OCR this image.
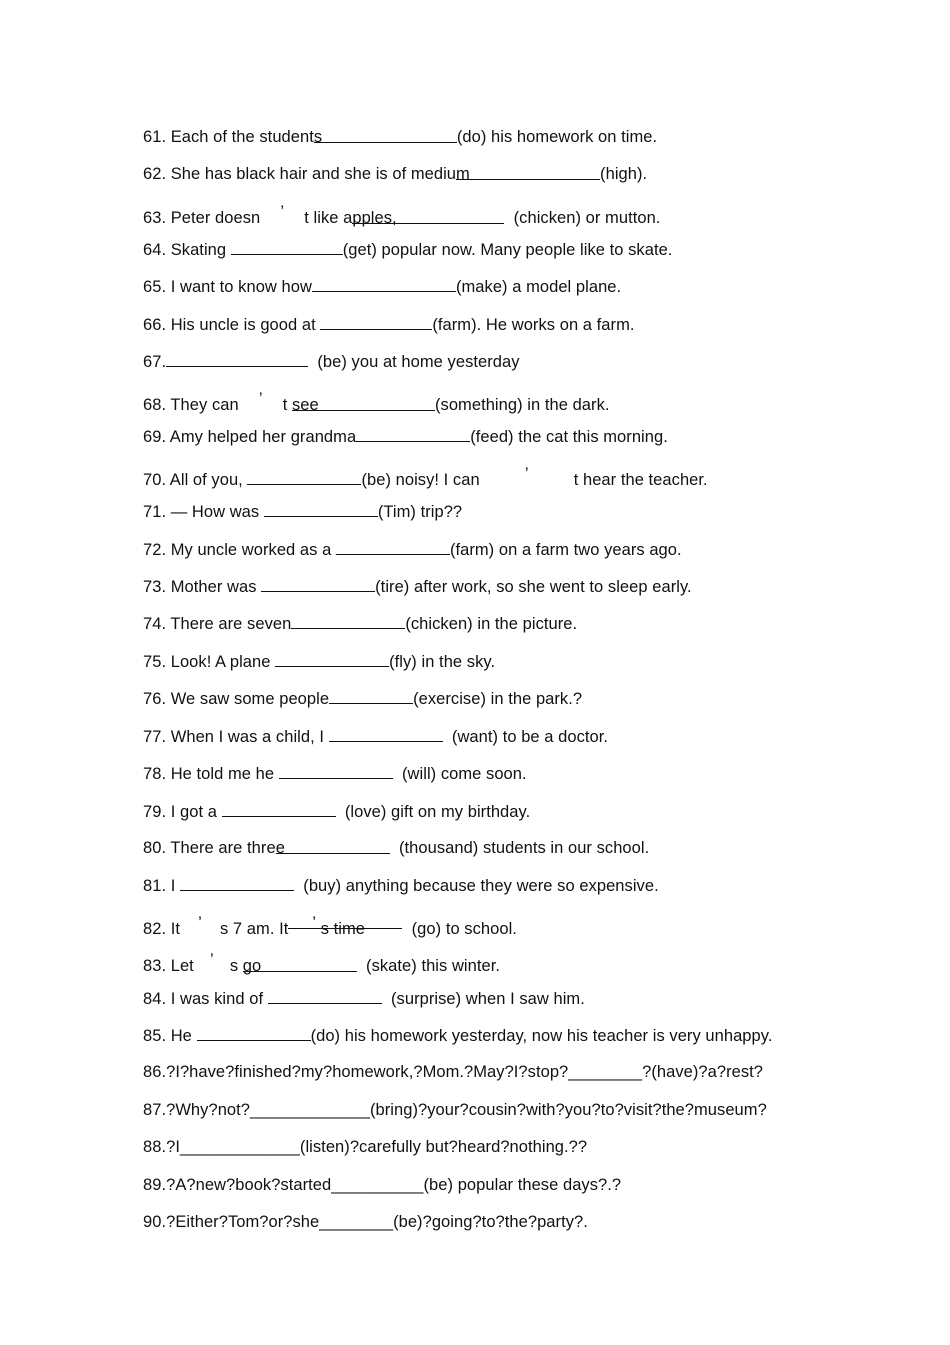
61. Each of the students	(do) his homework on time.
62. She has black hair and she is of medium	(high).
63. Peter doesn ’ t like apples,	(chicken) or mutton.
64. Skating	(get) popular now. Many people like to skate.
65. I want to know how	(make) a model plane.
66. His uncle is good at	(farm). He works on a farm.
67.	(be) you at home yesterday
68. They can ’ t see	(something) in the dark.
69. Amy helped her grandma	(feed) the cat this morning.
70. All of you,	(be) noisy! I can	’	t hear the teacher.
71. — How was	(Tim) trip??
72. My uncle worked as a	(farm) on a farm two years ago.
73. Mother was	(tire) after work, so she went to sleep early.
74. There are seven	(chicken) in the picture.
75. Look! A plane	(fly) in the sky.
76. We saw some people	(exercise) in the park.?
77. When I was a child, I	(want) to be a doctor.
78. He told me he	(will) come soon.
79. I got a	(love) gift on my birthday.
80. There are three	(thousand) students in our school.
81. I	(buy) anything because they were so expensive.
82. It ’ s 7 am. It ’ s time	(go) to school.
83. Let ’ s go	(skate) this winter.
84. I was kind of	(surprise) when I saw him.
85. He	(do) his homework yesterday, now his teacher is very unhappy.
86.?I?have?finished?my?homework,?Mom.?May?I?stop?________?(have)?a?rest?
87.?Why?not?_____________(bring)?your?cousin?with?you?to?visit?the?museum?
88.?I_____________(listen)?carefully but?heard?nothing.??
89.?A?new?book?started__________(be) popular these days?.?
90.?Either?Tom?or?she________(be)?going?to?the?party?.
